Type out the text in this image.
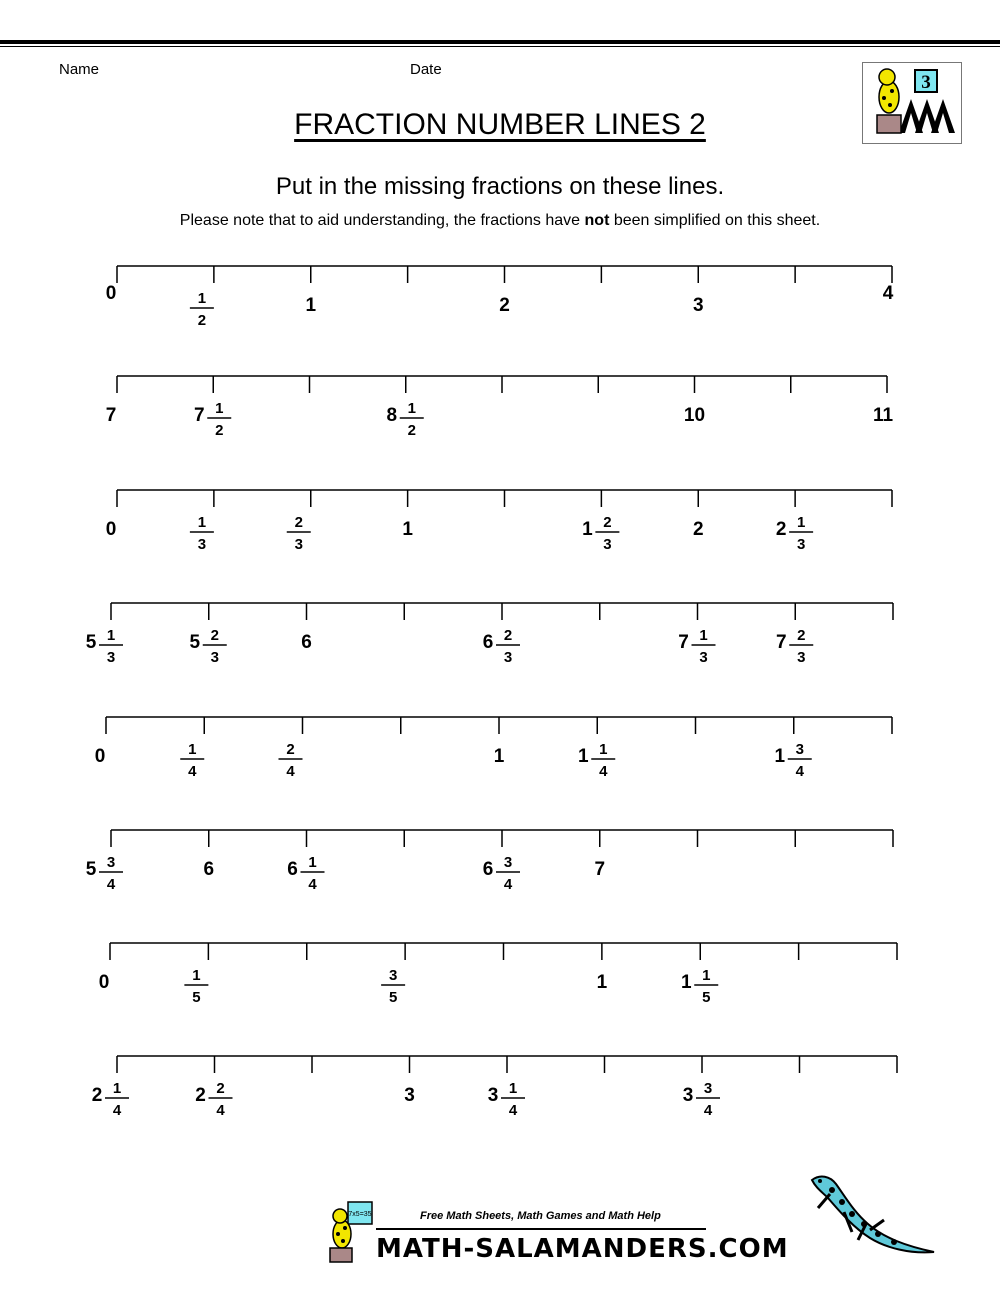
Name	Date
3
FRACTION NUMBER LINES 2
Put in the missing fractions on these lines.
Please note that to aid understanding, the fractions have not been simplified on this sheet.
0	1
2
1	2	3
4
7	7 1
2
8 1
2
10	11
0	1
3
2
3
1	1 2
3
2	2 1
3
5 1
3
5 2
3
6	6 2
3
7 1
3
7 2
3
0	1
4
2
4
1	1 1
4
1 3
4
5 3
4
6	6 1
4
6 3
4
7
0	1
5
3
5
1	1 1
5
2 1
4
2 2
4
3	3 1
4
3 3
4
7x5=35	Free Math Sheets, Math Games and Math Help
MATH-SALAMANDERS.COM
